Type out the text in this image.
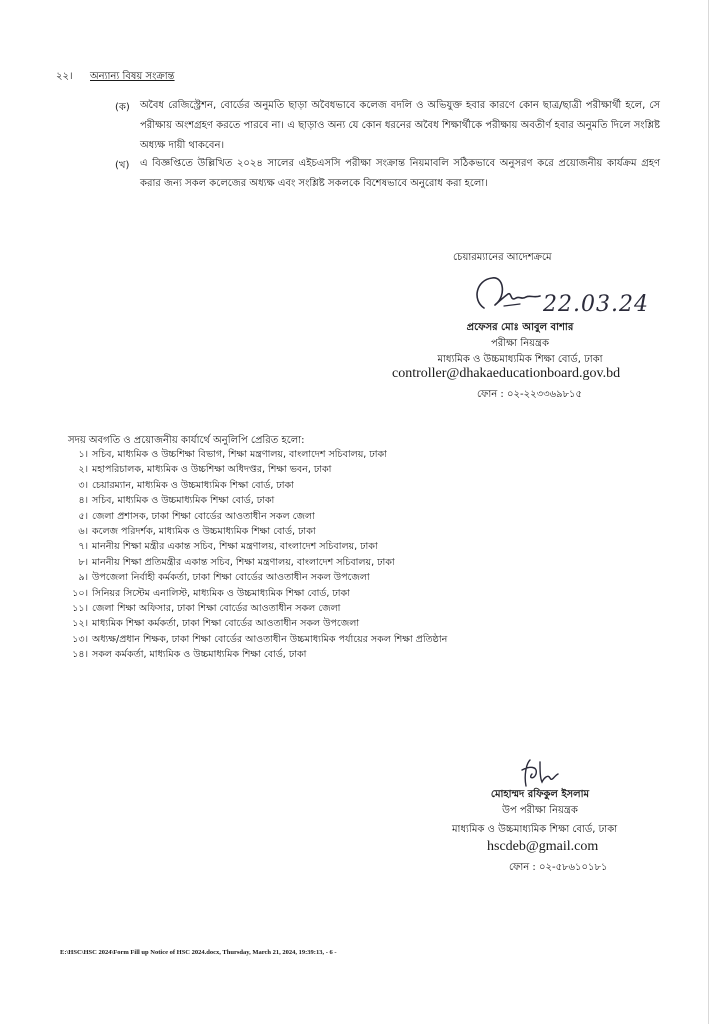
২২। অন্যান্য বিষয় সংক্রান্ত
(ক) অবৈধ রেজিস্ট্রেশন, বোর্ডের অনুমতি ছাড়া অবৈধভাবে কলেজ বদলি ও অভিযুক্ত হবার কারণে কোন ছাত্র/ছাত্রী পরীক্ষার্থী হলে, সে পরীক্ষায় অংশগ্রহণ করতে পারবে না। এ ছাড়াও অন্য যে কোন ধরনের অবৈধ শিক্ষার্থীকে পরীক্ষায় অবতীর্ণ হবার অনুমতি দিলে সংশ্লিষ্ট অধ্যক্ষ দায়ী থাকবেন।
(খ) এ বিজ্ঞপ্তিতে উল্লিখিত ২০২৪ সালের এইচএসসি পরীক্ষা সংক্রান্ত নিয়মাবলি সঠিকভাবে অনুসরণ করে প্রয়োজনীয় কার্যক্রম গ্রহণ করার জন্য সকল কলেজের অধ্যক্ষ এবং সংশ্লিষ্ট সকলকে বিশেষভাবে অনুরোধ করা হলো।
চেয়ারম্যানের আদেশক্রমে
22.03.24
প্রফেসর মোঃ আবুল বাশার
পরীক্ষা নিয়ন্ত্রক
মাধ্যমিক ও উচ্চমাধ্যমিক শিক্ষা বোর্ড, ঢাকা
controller@dhakaeducationboard.gov.bd
ফোন : ০২-২২৩৩৬৯৮১৫
সদয় অবগতি ও প্রয়োজনীয় কার্যার্থে অনুলিপি প্রেরিত হলো:
১। সচিব, মাধ্যমিক ও উচ্চশিক্ষা বিভাগ, শিক্ষা মন্ত্রণালয়, বাংলাদেশ সচিবালয়, ঢাকা
২। মহাপরিচালক, মাধ্যমিক ও উচ্চশিক্ষা অধিদপ্তর, শিক্ষা ভবন, ঢাকা
৩। চেয়ারম্যান, মাধ্যমিক ও উচ্চমাধ্যমিক শিক্ষা বোর্ড, ঢাকা
৪। সচিব, মাধ্যমিক ও উচ্চমাধ্যমিক শিক্ষা বোর্ড, ঢাকা
৫। জেলা প্রশাসক, ঢাকা শিক্ষা বোর্ডের আওতাধীন সকল জেলা
৬। কলেজ পরিদর্শক, মাধ্যমিক ও উচ্চমাধ্যমিক শিক্ষা বোর্ড, ঢাকা
৭। মাননীয় শিক্ষা মন্ত্রীর একান্ত সচিব, শিক্ষা মন্ত্রণালয়, বাংলাদেশ সচিবালয়, ঢাকা
৮। মাননীয় শিক্ষা প্রতিমন্ত্রীর একান্ত সচিব, শিক্ষা মন্ত্রণালয়, বাংলাদেশ সচিবালয়, ঢাকা
৯। উপজেলা নির্বাহী কর্মকর্তা, ঢাকা শিক্ষা বোর্ডের আওতাধীন সকল উপজেলা
১০। সিনিয়র সিস্টেম এনালিস্ট, মাধ্যমিক ও উচ্চমাধ্যমিক শিক্ষা বোর্ড, ঢাকা
১১। জেলা শিক্ষা অফিসার, ঢাকা শিক্ষা বোর্ডের আওতাধীন সকল জেলা
১২। মাধ্যমিক শিক্ষা কর্মকর্তা, ঢাকা শিক্ষা বোর্ডের আওতাধীন সকল উপজেলা
১৩। অধ্যক্ষ/প্রধান শিক্ষক, ঢাকা শিক্ষা বোর্ডের আওতাধীন উচ্চমাধ্যমিক পর্যায়ের সকল শিক্ষা প্রতিষ্ঠান
১৪। সকল কর্মকর্তা, মাধ্যমিক ও উচ্চমাধ্যমিক শিক্ষা বোর্ড, ঢাকা
মোহাম্মদ রফিকুল ইসলাম
উপ পরীক্ষা নিয়ন্ত্রক
মাধ্যমিক ও উচ্চমাধ্যমিক শিক্ষা বোর্ড, ঢাকা
hscdeb@gmail.com
ফোন : ০২-৫৮৬১০১৮১
E:\HSC\HSC 2024\Form Fill up Notice of HSC 2024.docx, Thursday, March 21, 2024, 19:39:13, - 6 -
